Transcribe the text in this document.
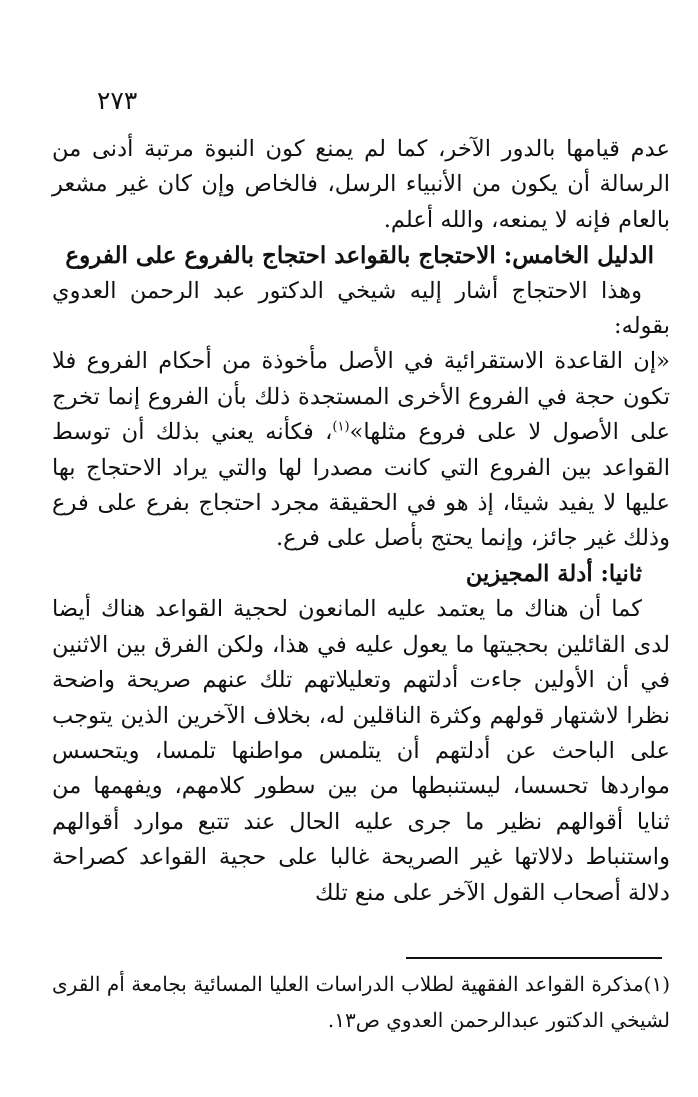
٢٧٣

عدم قيامها بالدور الآخر، كما لم يمنع كون النبوة مرتبة أدنى من الرسالة أن يكون من الأنبياء الرسل، فالخاص وإن كان غير مشعر بالعام فإنه لا يمنعه، والله أعلم.

الدليل الخامس: الاحتجاج بالقواعد احتجاج بالفروع على الفروع

وهذا الاحتجاج أشار إليه شيخي الدكتور عبد الرحمن العدوي بقوله:

«إن القاعدة الاستقرائية في الأصل مأخوذة من أحكام الفروع فلا تكون حجة في الفروع الأخرى المستجدة ذلك بأن الفروع إنما تخرج على الأصول لا على فروع مثلها»$^{(١)}$، فكأنه يعني بذلك أن توسط القواعد بين الفروع التي كانت مصدرا لها والتي يراد الاحتجاج بها عليها لا يفيد شيئا، إذ هو في الحقيقة مجرد احتجاج بفرع على فرع وذلك غير جائز، وإنما يحتج بأصل على فرع.

ثانيا: أدلة المجيزين

كما أن هناك ما يعتمد عليه المانعون لحجية القواعد هناك أيضا لدى القائلين بحجيتها ما يعول عليه في هذا، ولكن الفرق بين الاثنين في أن الأولين جاءت أدلتهم وتعليلاتهم تلك عنهم صريحة واضحة نظرا لاشتهار قولهم وكثرة الناقلين له، بخلاف الآخرين الذين يتوجب على الباحث عن أدلتهم أن يتلمس مواطنها تلمسا، ويتحسس مواردها تحسسا، ليستنبطها من بين سطور كلامهم، ويفهمها من ثنايا أقوالهم نظير ما جرى عليه الحال عند تتبع موارد أقوالهم واستنباط دلالاتها غير الصريحة غالبا على حجية القواعد كصراحة دلالة أصحاب القول الآخر على منع تلك

(١)مذكرة القواعد الفقهية لطلاب الدراسات العليا المسائية بجامعة أم القرى لشيخي الدكتور عبدالرحمن العدوي ص١٣.
